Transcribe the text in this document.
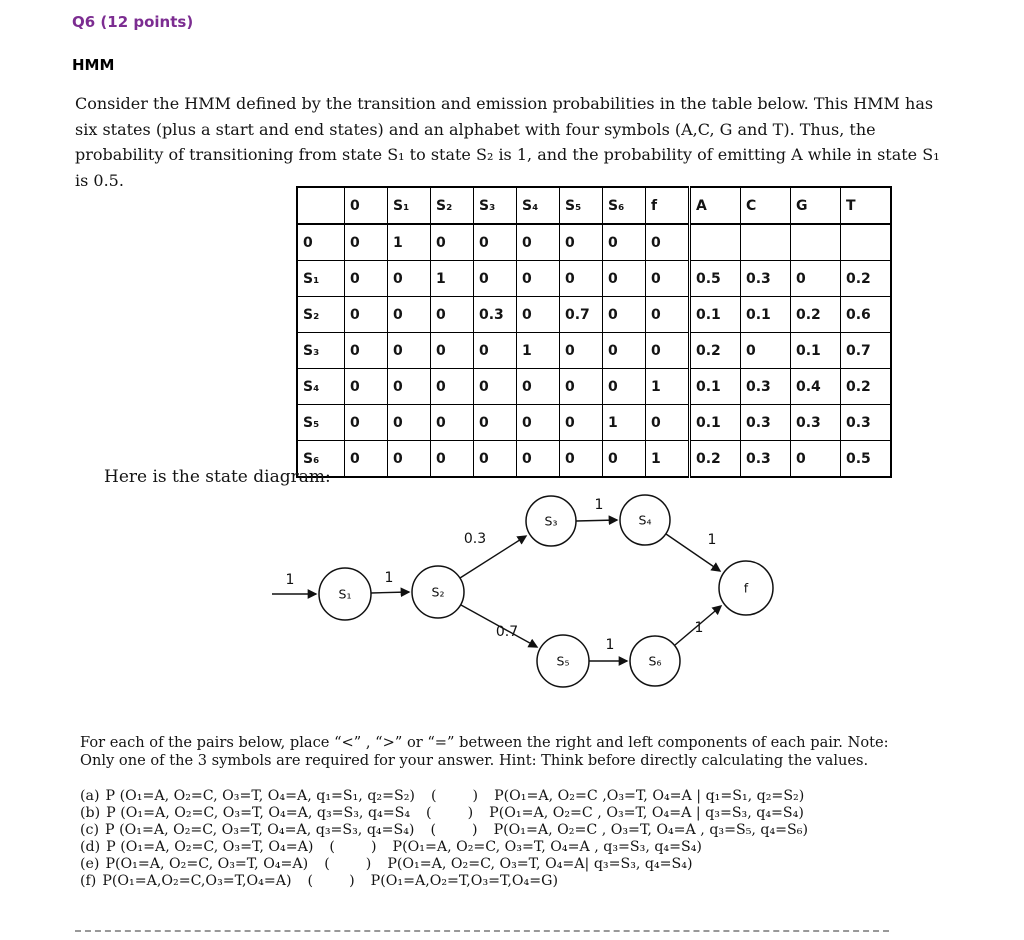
Q6 (12 points)
HMM

Consider the HMM defined by the transition and emission probabilities in the table below. This HMM has six states (plus a start and end states) and an alphabet with four symbols (A,C, G and T). Thus, the probability of transitioning from state S₁ to state S₂ is 1, and the probability of emitting A while in state S₁ is 0.5.

	0	S₁	S₂	S₃	S₄	S₅	S₆	f	A	C	G	T
0	0	1	0	0	0	0	0	0				
S₁	0	0	1	0	0	0	0	0	0.5	0.3	0	0.2
S₂	0	0	0	0.3	0	0.7	0	0	0.1	0.1	0.2	0.6
S₃	0	0	0	0	1	0	0	0	0.2	0	0.1	0.7
S₄	0	0	0	0	0	0	0	1	0.1	0.3	0.4	0.2
S₅	0	0	0	0	0	0	1	0	0.1	0.3	0.3	0.3
S₆	0	0	0	0	0	0	0	1	0.2	0.3	0	0.5
Here is the state diagram:
S₁	S₂
S₃	S₄
S₅	S₆
f
1	1
0.3
0.7
1
1
1
1

For each of the pairs below, place “<” , “>” or “=” between the right and left components of each pair. Note: Only one of the 3 symbols are required for your answer. Hint: Think before directly calculating the values.

(a) P (O₁=A, O₂=C, O₃=T, O₄=A, q₁=S₁, q₂=S₂) (        ) P(O₁=A, O₂=C ,O₃=T, O₄=A | q₁=S₁, q₂=S₂)
(b) P (O₁=A, O₂=C, O₃=T, O₄=A, q₃=S₃, q₄=S₄ (        ) P(O₁=A, O₂=C , O₃=T, O₄=A | q₃=S₃, q₄=S₄)
(c) P (O₁=A, O₂=C, O₃=T, O₄=A, q₃=S₃, q₄=S₄) (        ) P(O₁=A, O₂=C , O₃=T, O₄=A , q₃=S₅, q₄=S₆)
(d) P (O₁=A, O₂=C, O₃=T, O₄=A) (        ) P(O₁=A, O₂=C, O₃=T, O₄=A , q₃=S₃, q₄=S₄)
(e) P(O₁=A, O₂=C, O₃=T, O₄=A) (        ) P(O₁=A, O₂=C, O₃=T, O₄=A| q₃=S₃, q₄=S₄)
(f) P(O₁=A,O₂=C,O₃=T,O₄=A) (        ) P(O₁=A,O₂=T,O₃=T,O₄=G)
